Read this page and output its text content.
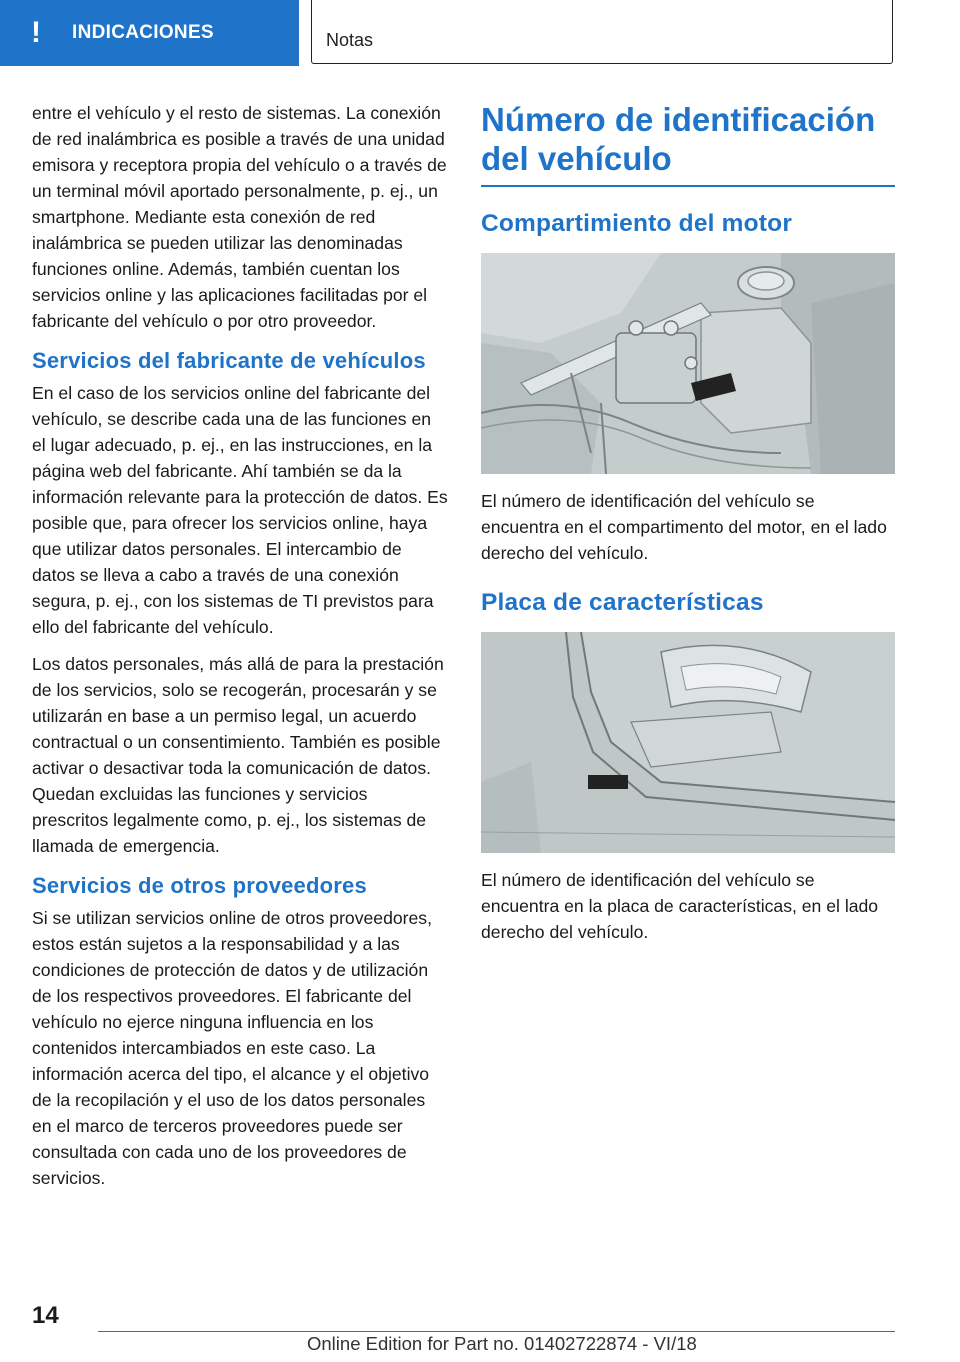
!	INDICACIONES	Notas

entre el vehículo y el resto de sistemas. La conexión de red inalámbrica es posible a través de una unidad emisora y receptora propia del vehículo o a través de un terminal móvil aportado personalmente, p. ej., un smartphone. Mediante esta conexión de red inalámbrica se pueden utilizar las denominadas funciones online. Además, también cuentan los servicios online y las aplicaciones facilitadas por el fabricante del vehículo o por otro proveedor.

Servicios del fabricante de vehículos

En el caso de los servicios online del fabricante del vehículo, se describe cada una de las funciones en el lugar adecuado, p. ej., en las instrucciones, en la página web del fabricante. Ahí también se da la información relevante para la protección de datos. Es posible que, para ofrecer los servicios online, haya que utilizar datos personales. El intercambio de datos se lleva a cabo a través de una conexión segura, p. ej., con los sistemas de TI previstos para ello del fabricante del vehículo.

Los datos personales, más allá de para la prestación de los servicios, solo se recogerán, procesarán y se utilizarán en base a un permiso legal, un acuerdo contractual o un consentimiento. También es posible activar o desactivar toda la comunicación de datos. Quedan excluidas las funciones y servicios prescritos legalmente como, p. ej., los sistemas de llamada de emergencia.

Servicios de otros proveedores

Si se utilizan servicios online de otros proveedores, estos están sujetos a la responsabilidad y a las condiciones de protección de datos y de utilización de los respectivos proveedores. El fabricante del vehículo no ejerce ninguna influencia en los contenidos intercambiados en este caso. La información acerca del tipo, el alcance y el objetivo de la recopilación y el uso de los datos personales en el marco de terceros proveedores puede ser consultada con cada uno de los proveedores de servicios.

Número de identificación del vehículo
Compartimiento del motor

El número de identificación del vehículo se encuentra en el compartimento del motor, en el lado derecho del vehículo.

Placa de características

El número de identificación del vehículo se encuentra en la placa de características, en el lado derecho del vehículo.

14
Online Edition for Part no. 01402722874 - VI/18
